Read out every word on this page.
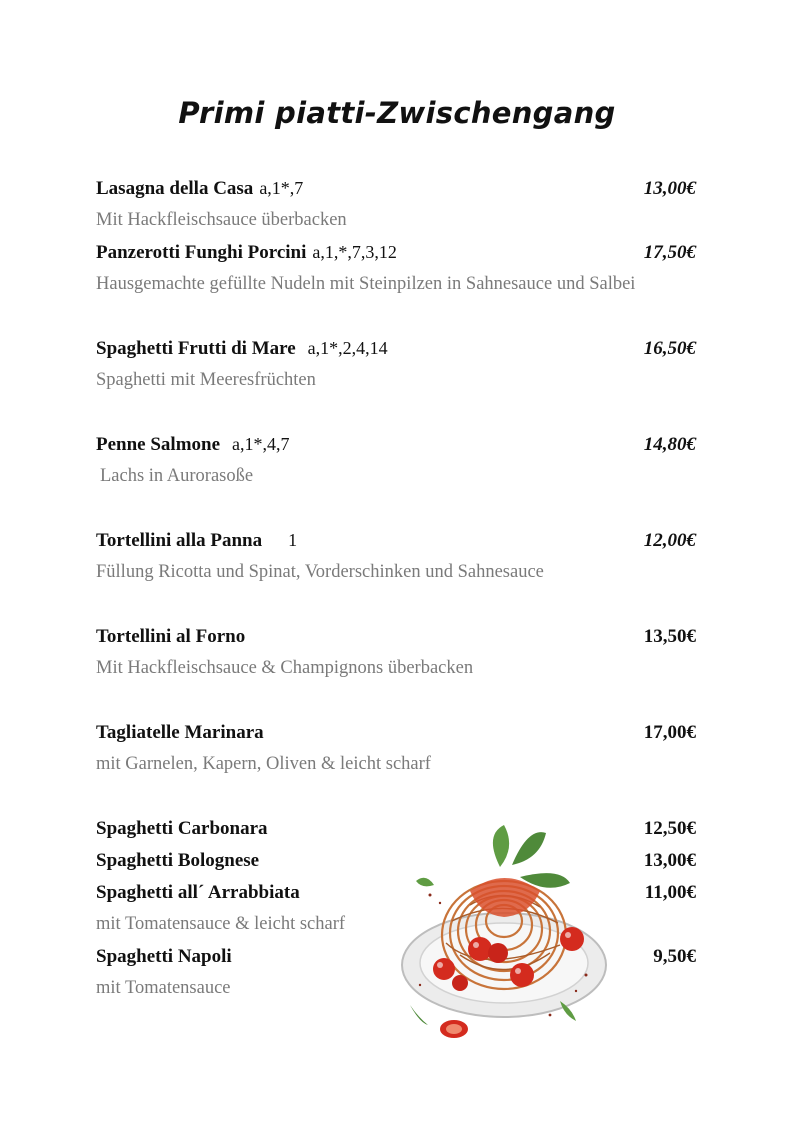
Primi piatti-Zwischengang
Lasagna della Casa a,1*,7	13,00€
Mit Hackfleischsauce überbacken
Panzerotti Funghi Porcini a,1,*,7,3,12	17,50€
Hausgemachte gefüllte Nudeln mit Steinpilzen in Sahnesauce und Salbei
Spaghetti Frutti di Mare a,1*,2,4,14	16,50€
Spaghetti mit Meeresfrüchten
Penne Salmone a,1*,4,7	14,80€
Lachs in Aurorasoße
Tortellini alla Panna 1	12,00€
Füllung Ricotta und Spinat, Vorderschinken und Sahnesauce
Tortellini al Forno	13,50€
Mit Hackfleischsauce & Champignons überbacken
Tagliatelle Marinara	17,00€
mit Garnelen, Kapern, Oliven & leicht scharf
Spaghetti Carbonara	12,50€
Spaghetti Bolognese	13,00€
Spaghetti all´ Arrabbiata	11,00€
mit Tomatensauce & leicht scharf
Spaghetti Napoli	9,50€
mit Tomatensauce
